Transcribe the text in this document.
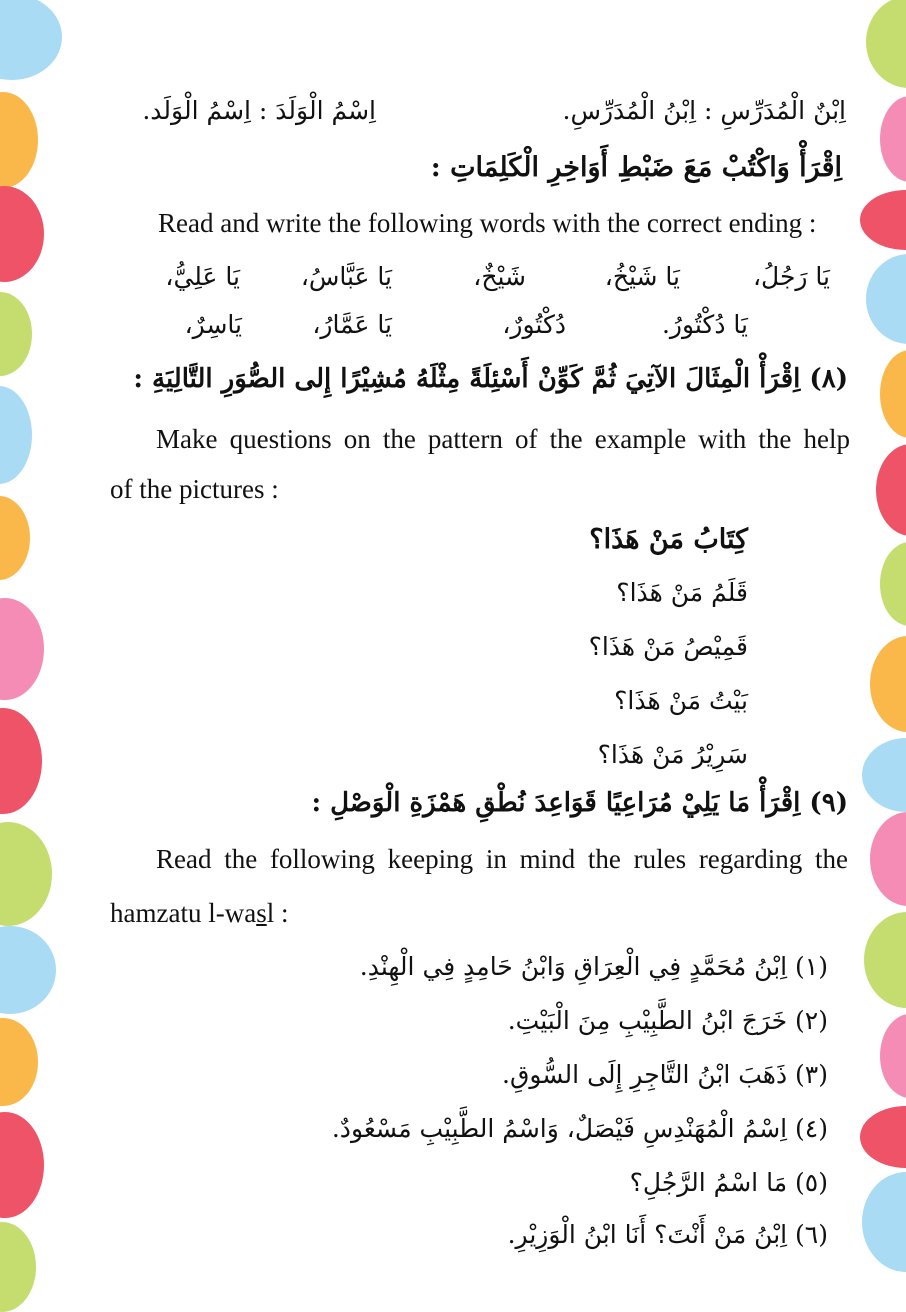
اِبْنٌ الْمُدَرِّسِ : اِبْنُ الْمُدَرِّسِ.
اِسْمُ الْوَلَدَ : اِسْمُ الْوَلَد.
اِقْرَأْ وَاكْتُبْ مَعَ ضَبْطِ أَوَاخِرِ الْكَلِمَاتِ :
Read and write the following words with the correct ending :
يَا رَجُلُ،
يَا شَيْخُ،
شَيْخٌ،
يَا عَبَّاسُ،
يَا عَلِيُّ،
يَا دُكْتُورُ.
دُكْتُورٌ،
يَا عَمَّارُ،
يَاسِرٌ،
(٨) اِقْرَأْ الْمِثَالَ الآتِيَ ثُمَّ كَوِّنْ أَسْئِلَةً مِثْلَهُ مُشِيْرًا إِلى الصُّوَرِ التَّالِيَةِ :
Make questions on the pattern of the example with the help
of the pictures :
كِتَابُ مَنْ هَذَا؟
قَلَمُ مَنْ هَذَا؟
قَمِيْصُ مَنْ هَذَا؟
بَيْتُ مَنْ هَذَا؟
سَرِيْرُ مَنْ هَذَا؟
(٩) اِقْرَأْ مَا يَلِيْ مُرَاعِيًا قَوَاعِدَ نُطْقِ هَمْزَةِ الْوَصْلِ :
Read the following keeping in mind the rules regarding the
hamzatu l-wasl :
(١) اِبْنُ مُحَمَّدٍ فِي الْعِرَاقِ وَابْنُ حَامِدٍ فِي الْهِنْدِ.
(٢) خَرَجَ ابْنُ الطَّبِيْبِ مِنَ الْبَيْتِ.
(٣) ذَهَبَ ابْنُ التَّاجِرِ إِلَى السُّوقِ.
(٤) اِسْمُ الْمُهَنْدِسِ فَيْصَلٌ، وَاسْمُ الطَّبِيْبِ مَسْعُودٌ.
(٥) مَا اسْمُ الرَّجُلِ؟
(٦) اِبْنُ مَنْ أَنْتَ؟ أَنَا ابْنُ الْوَزِيْرِ.
